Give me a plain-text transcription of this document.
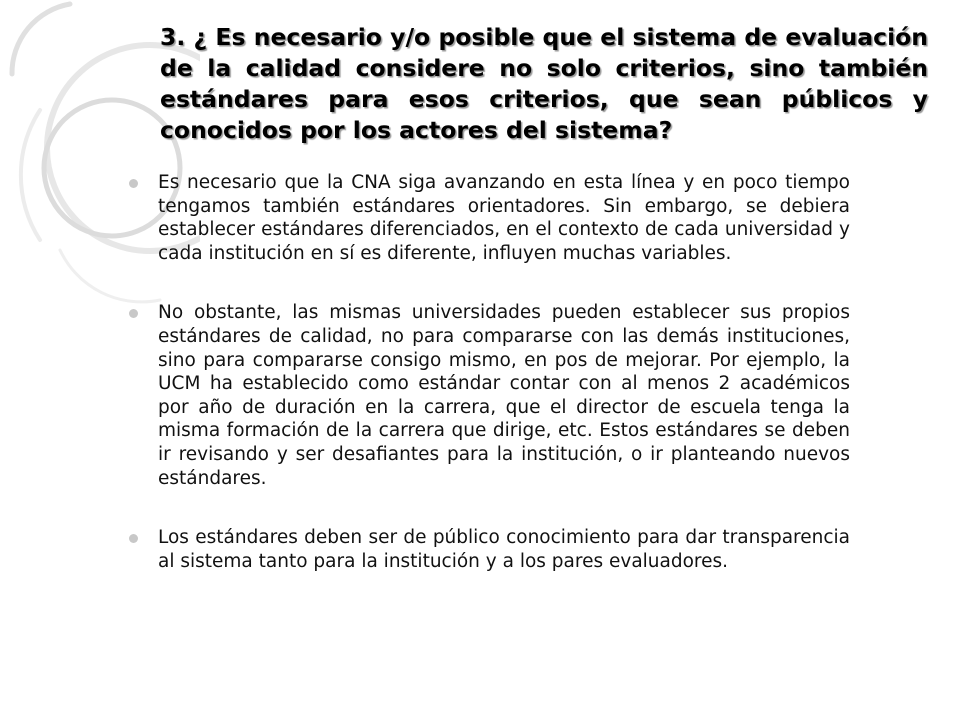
3. ¿ Es necesario y/o posible que el sistema de evaluación de la calidad considere no solo criterios, sino también estándares para esos criterios, que sean públicos y conocidos por los actores del sistema?
Es necesario que la CNA siga avanzando en esta línea y en poco tiempo tengamos también estándares orientadores. Sin embargo, se debiera establecer estándares diferenciados, en el contexto de cada universidad y cada institución en sí es diferente, influyen muchas variables.
No obstante, las mismas universidades pueden establecer sus propios estándares de calidad, no para compararse con las demás instituciones, sino para compararse consigo mismo, en pos de mejorar. Por ejemplo, la UCM ha establecido como estándar contar con al menos 2 académicos por año de duración en la carrera, que el director de escuela tenga la misma formación de la carrera que dirige, etc. Estos estándares se deben ir revisando y ser desafiantes para la institución, o ir planteando nuevos estándares.
Los estándares deben ser de público conocimiento para dar transparencia al sistema tanto para la institución y a los pares evaluadores.
